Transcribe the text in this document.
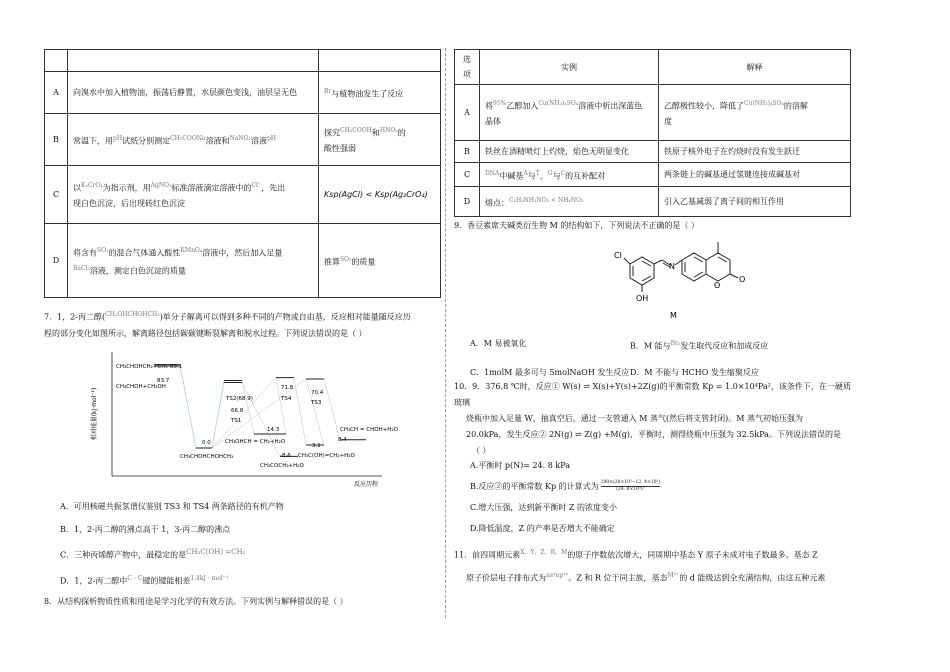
A	向溴水中加入植物油，振荡后静置，水层颜色变浅，油层呈无色	$^{Br}$与植物油发生了反应
B	常温下，用$^{pH}$试纸分别测定$^{CH_3COONa}$溶液和$^{NaNO_2}$溶液$^{pH}$	探究$^{CH_3COOH}$和$^{HNO_2}$的
酸性强弱
C	以$^{K_2CrO_4}$为指示剂，用$^{AgNO_3}$标准溶液滴定溶液中的$^{Cl^-}$，先出
现白色沉淀，后出现砖红色沉淀	Ksp(AgCl) < Ksp(Ag₂CrO₄)
D	将含有$^{SO_2}$的混合气体通入酸性$^{KMnO_4}$溶液中，然后加入足量
$^{BaCl_2}$溶液，测定白色沉淀的质量	推算$^{SO_2}$的质量
7．1，2-丙二醇($^{CH_2OHCHOHCH_3}$)单分子解离可以得到多种不同的产物或自由基，反应相对能量随反应历
程的部分变化如图所示，解离路径包括碳碳键断裂解离和脱水过程。下列说法错误的是（ ）
相对能量(kJ·mol⁻¹)
反应历程
CH₃CHOHCH₂+CH₃
CH₃CHOH+CH₂OH
85.1
83.7
0.0
CH₃CHOHCHOHCH₃
TS2(68.9)
66.8
TS1
71.8
TS4
70.4
TS3
14.3
CH₃OHCH = CH₂+H₂O
3.1
-8.6
CH₃COCH₃+H₂O
CH₃C(OH)=CH₂+H₂O
CH₃CH = CHOH+H₂O
8.4
A．可用核磁共振氢谱仪鉴别 TS3 和 TS4 两条路径的有机产物
B．1，2-丙二醇的沸点高于 1，3-丙二醇的沸点
C．三种丙烯醇产物中，最稳定的是CH₃C(OH) =CH₂
D．1，2-丙二醇中$^{C - C}$键的键能相差$^{1.4kJ \cdot mol^{-1}}$
8．从结构探析物质性质和用途是学习化学的有效方法。下列实例与解释错误的是（ ）
选项	实例	解释
A	将$^{95\%}$乙醇加入$^{Cu(NH_3)_4SO_4}$溶液中析出深蓝色
晶体	乙醇极性较小，降低了$^{Cu(NH_3)_4SO_4}$的溶解
度
B	铁丝在酒精喷灯上灼烧，焰色无明显变化	铁原子核外电子在灼烧时没有发生跃迁
C	$^{DNA}$中碱基$^A$与$^T$、$^G$与$^C$的互补配对	两条链上的碱基通过氢键连接成碱基对
D	熔点：$^{C_2H_5NH_3NO_3 < NH_4NO_3}$	引入乙基减弱了离子间的相互作用
9．香豆素席夫碱类衍生物 M 的结构如下，下列说法不正确的是（ ）
Cl
OH
N
O
O
M
A．M 易被氧化	B．M 能与$^{Br_2}$发生取代反应和加成反应
C．1molM 最多可与 5molNaOH 发生反应 D．M 不能与 HCHO 发生缩聚反应
10．9．376.8 ℃时，反应① W(s) ⇌ X(s)+Y(s)+2Z(g)的平衡常数 Kp = 1.0×10⁴Pa²，该条件下，在一硬质玻璃
烧瓶中加入足量 W，抽真空后，通过一支管通入 M 蒸气(然后将支管封闭)。M 蒸气初始压强为
20.0kPa，发生反应② 2N(g) ⇌ Z(g) +M(g)，平衡时，测得烧瓶中压强为 32.5kPa。下列说法错误的是
（ ）
A.平衡时 p(N)= 24. 8 kPa
B.反应②的平衡常数 Kp 的计算式为 $\frac{\text{100×(20×10³−12. 4×10³)}}{\text{(24. 8×10³)²}}$
C.增大压强，达到新平衡时 Z 的浓度变小
D.降低温度，Z 的产率是否增大不能确定
11．前四周期元素$^{X、Y、Z、R、M}$的原子序数依次增大，同周期中基态 Y 原子未成对电子数最多。基态 Z
原子价层电子排布式为$^{ns^nnp^{2n}}$。Z 和 R 位于同主族，基态$^{M^{2+}}$的 d 能级达到全充满结构，由这五种元素
